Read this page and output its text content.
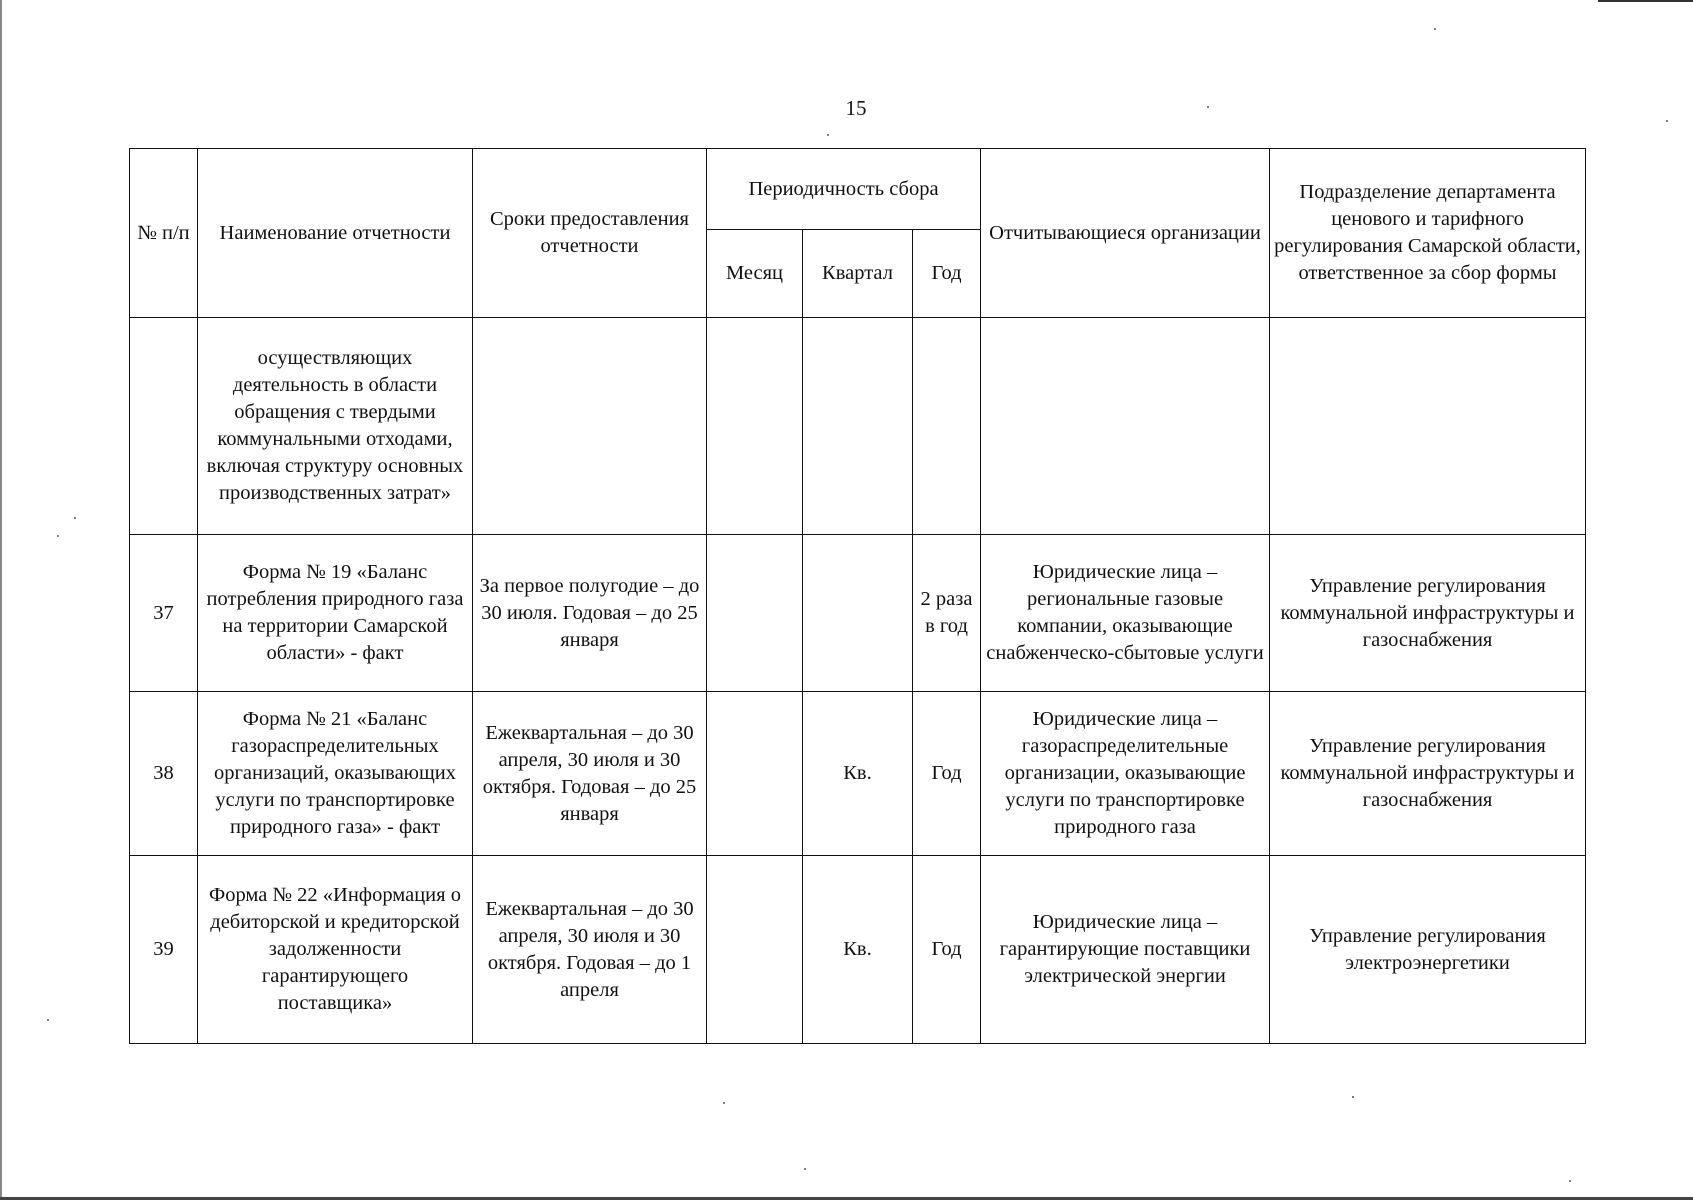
15
№ п/п	Наименование отчетности	Сроки предоставления отчетности	Периодичность сбора			Отчитывающиеся организации	Подразделение департамента ценового и тарифного регулирования Самарской области, ответственное за сбор формы
			Месяц	Квартал	Год		
	осуществляющих деятельность в области обращения с твердыми коммунальными отходами, включая структуру основных производственных затрат»						
37	Форма № 19 «Баланс потребления природного газа на территории Самарской области» - факт	За первое полугодие – до 30 июля. Годовая – до 25 января			2 раза в год	Юридические лица – региональные газовые компании, оказывающие снабженческо-сбытовые услуги	Управление регулирования коммунальной инфраструктуры и газоснабжения
38	Форма № 21 «Баланс газораспределительных организаций, оказывающих услуги по транспортировке природного газа» - факт	Ежеквартальная – до 30 апреля, 30 июля и 30 октября. Годовая – до 25 января		Кв.	Год	Юридические лица – газораспределительные организации, оказывающие услуги по транспортировке природного газа	Управление регулирования коммунальной инфраструктуры и газоснабжения
39	Форма № 22 «Информация о дебиторской и кредиторской задолженности гарантирующего поставщика»	Ежеквартальная – до 30 апреля, 30 июля и 30 октября. Годовая – до 1 апреля		Кв.	Год	Юридические лица – гарантирующие поставщики электрической энергии	Управление регулирования электроэнергетики
